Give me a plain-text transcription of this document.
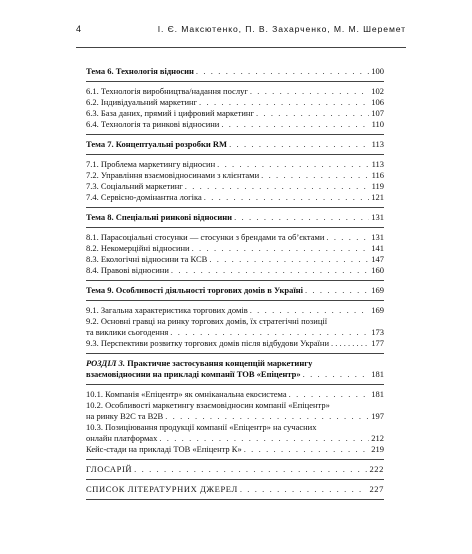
4	І. Є. Максютенко, П. В. Захарченко, М. М. Шеремет
Тема 6. Технологія відносин . . .	100
6.1. Технологія виробництва/надання послуг . . .	102
6.2. Індивідуальний маркетинг . . .	106
6.3. База даних, прямий і цифровий маркетинг . . .	107
6.4. Технологія та ринкові відносини . . .	110
Тема 7. Концептуальні розробки RM . . .	113
7.1. Проблема маркетингу відносин . . .	113
7.2. Управління взаємовідносинами з клієнтами . . .	116
7.3. Соціальний маркетинг . . .	119
7.4. Сервісно-домінантна логіка . . .	121
Тема 8. Спеціальні ринкові відносини . . .	131
8.1. Парасоціальні стосунки — стосунки з брендами та об’єктами . . .	131
8.2. Некомерційні відносини . . .	141
8.3. Екологічні відносини та КСВ . . .	147
8.4. Правові відносини . . .	160
Тема 9. Особливості діяльності торгових домів в Україні . . .	169
9.1. Загальна характеристика торгових домів . . .	169
9.2. Основні гравці на ринку торгових домів, їх стратегічні позиції
та виклики сьогодення . . .	173
9.3. Перспективи розвитку торгових домів після відбудови України . . .	177
РОЗДІЛ 3. Практичне застосування концепцій маркетингу
взаємовідносини на прикладі компанії ТОВ «Епіцентр» . . .	181
10.1. Компанія «Епіцентр» як омніканальна екосистема . . .	181
10.2. Особливості маркетингу взаємовідносин компанії «Епіцентр»
на ринку B2C та B2B . . .	197
10.3. Позиціювання продукції компанії «Епіцентр» на сучасних
онлайн платформах . . .	212
Кейс-стади на прикладі ТОВ «Епіцентр К» . . .	219
ГЛОСАРІЙ . . .	222
СПИСОК ЛІТЕРАТУРНИХ ДЖЕРЕЛ . . .	227
